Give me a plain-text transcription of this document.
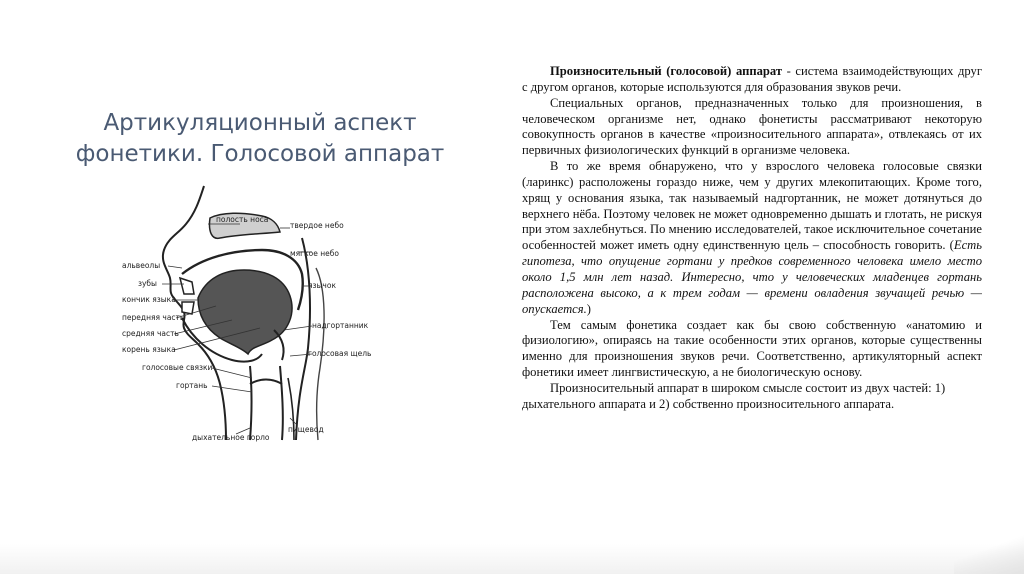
Артикуляционный аспект фонетики. Голосовой аппарат
полость носа
твердое небо
мягкое небо
альвеолы
зубы	язычок
кончик языка
передняя часть
надгортанник
средняя часть
корень языка	голосовая щель
голосовые связки
гортань
дыхательное горло
пищевод

Произносительный (голосовой) аппарат - система взаимодействующих друг с другом органов, которые используются для образования звуков речи.

Специальных органов, предназначенных только для произношения, в человеческом организме нет, однако фонетисты рассматривают некоторую совокупность органов в качестве «произносительного аппарата», отвлекаясь от их первичных физиологических функций в организме человека.

В то же время обнаружено, что у взрослого человека голосовые связки (ларинкс) расположены гораздо ниже, чем у других млекопитающих. Кроме того, хрящ у основания языка, так называемый надгортанник, не может дотянуться до верхнего нёба. Поэтому человек не может одновременно дышать и глотать, не рискуя при этом захлебнуться. По мнению исследователей, такое исключительное сочетание особенностей может иметь одну единственную цель – способность говорить. (Есть гипотеза, что опущение гортани у предков современного человека имело место около 1,5 млн лет назад. Интересно, что у человеческих младенцев гортань расположена высоко, а к трем годам — времени овладения звучащей речью — опускается.)

Тем самым фонетика создает как бы свою собственную «анатомию и физиологию», опираясь на такие особенности этих органов, которые существенны именно для произношения звуков речи. Соответственно, артикуляторный аспект фонетики имеет лингвистическую, а не биологическую основу.

Произносительный аппарат в широком смысле состоит из двух частей: 1) дыхательного аппарата и 2) собственно произносительного аппарата.
